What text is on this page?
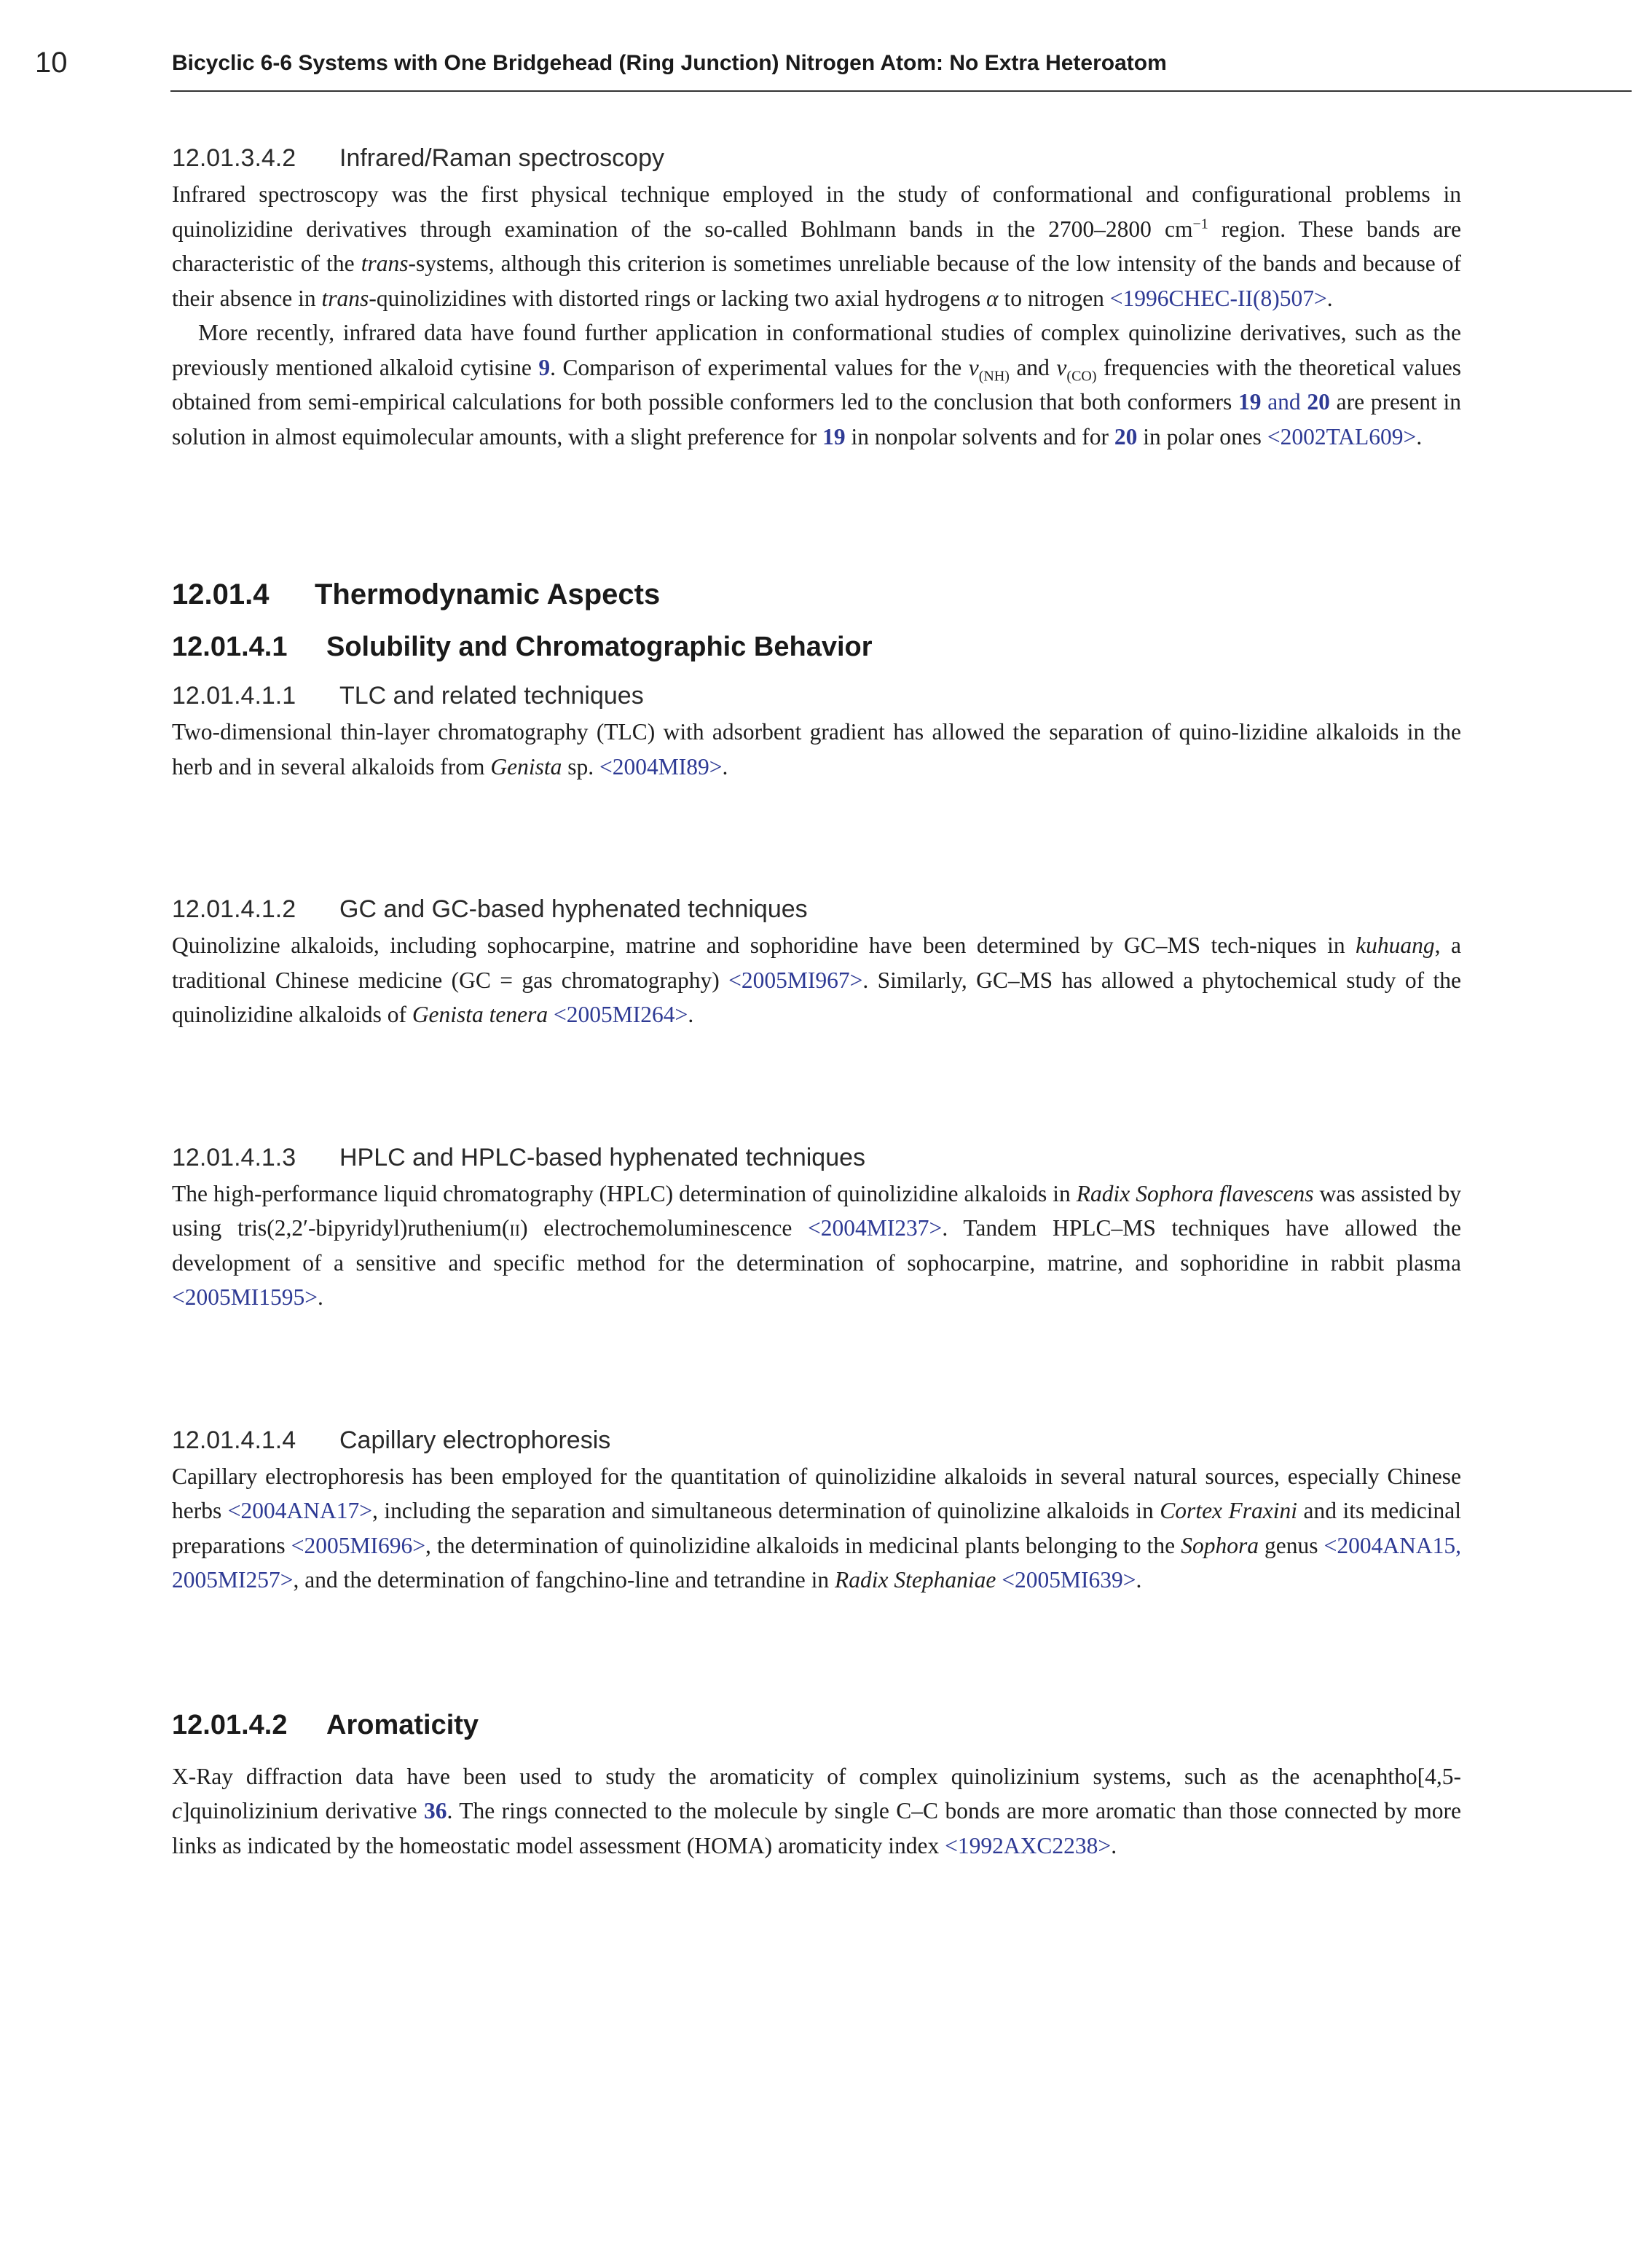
10	Bicyclic 6-6 Systems with One Bridgehead (Ring Junction) Nitrogen Atom: No Extra Heteroatom
12.01.3.4.2 Infrared/Raman spectroscopy

Infrared spectroscopy was the first physical technique employed in the study of conformational and configurational problems in quinolizidine derivatives through examination of the so-called Bohlmann bands in the 2700–2800 $cm^{-1}$ region. These bands are characteristic of the trans-systems, although this criterion is sometimes unreliable because of the low intensity of the bands and because of their absence in trans-quinolizidines with distorted rings or lacking two axial hydrogens α to nitrogen <1996CHEC-II(8)507>.

More recently, infrared data have found further application in conformational studies of complex quinolizine derivatives, such as the previously mentioned alkaloid cytisine 9. Comparison of experimental values for the $\nu_{(NH)}$ and $\nu_{(CO)}$ frequencies with the theoretical values obtained from semi-empirical calculations for both possible conformers led to the conclusion that both conformers 19 and 20 are present in solution in almost equimolecular amounts, with a slight preference for 19 in nonpolar solvents and for 20 in polar ones <2002TAL609>.

12.01.4 Thermodynamic Aspects
12.01.4.1 Solubility and Chromatographic Behavior
12.01.4.1.1 TLC and related techniques

Two-dimensional thin-layer chromatography (TLC) with adsorbent gradient has allowed the separation of quino-lizidine alkaloids in the herb and in several alkaloids from Genista sp. <2004MI89>.

12.01.4.1.2 GC and GC-based hyphenated techniques

Quinolizine alkaloids, including sophocarpine, matrine and sophoridine have been determined by GC–MS tech-niques in kuhuang, a traditional Chinese medicine (GC = gas chromatography) <2005MI967>. Similarly, GC–MS has allowed a phytochemical study of the quinolizidine alkaloids of Genista tenera <2005MI264>.

12.01.4.1.3 HPLC and HPLC-based hyphenated techniques

The high-performance liquid chromatography (HPLC) determination of quinolizidine alkaloids in Radix Sophora flavescens was assisted by using tris(2,2′-bipyridyl)ruthenium(ii) electrochemoluminescence <2004MI237>. Tandem HPLC–MS techniques have allowed the development of a sensitive and specific method for the determination of sophocarpine, matrine, and sophoridine in rabbit plasma <2005MI1595>.

12.01.4.1.4 Capillary electrophoresis

Capillary electrophoresis has been employed for the quantitation of quinolizidine alkaloids in several natural sources, especially Chinese herbs <2004ANA17>, including the separation and simultaneous determination of quinolizine alkaloids in Cortex Fraxini and its medicinal preparations <2005MI696>, the determination of quinolizidine alkaloids in medicinal plants belonging to the Sophora genus <2004ANA15, 2005MI257>, and the determination of fangchino-line and tetrandine in Radix Stephaniae <2005MI639>.

12.01.4.2 Aromaticity

X-Ray diffraction data have been used to study the aromaticity of complex quinolizinium systems, such as the acenaphtho[4,5-c]quinolizinium derivative 36. The rings connected to the molecule by single C–C bonds are more aromatic than those connected by more links as indicated by the homeostatic model assessment (HOMA) aromaticity index <1992AXC2238>.
